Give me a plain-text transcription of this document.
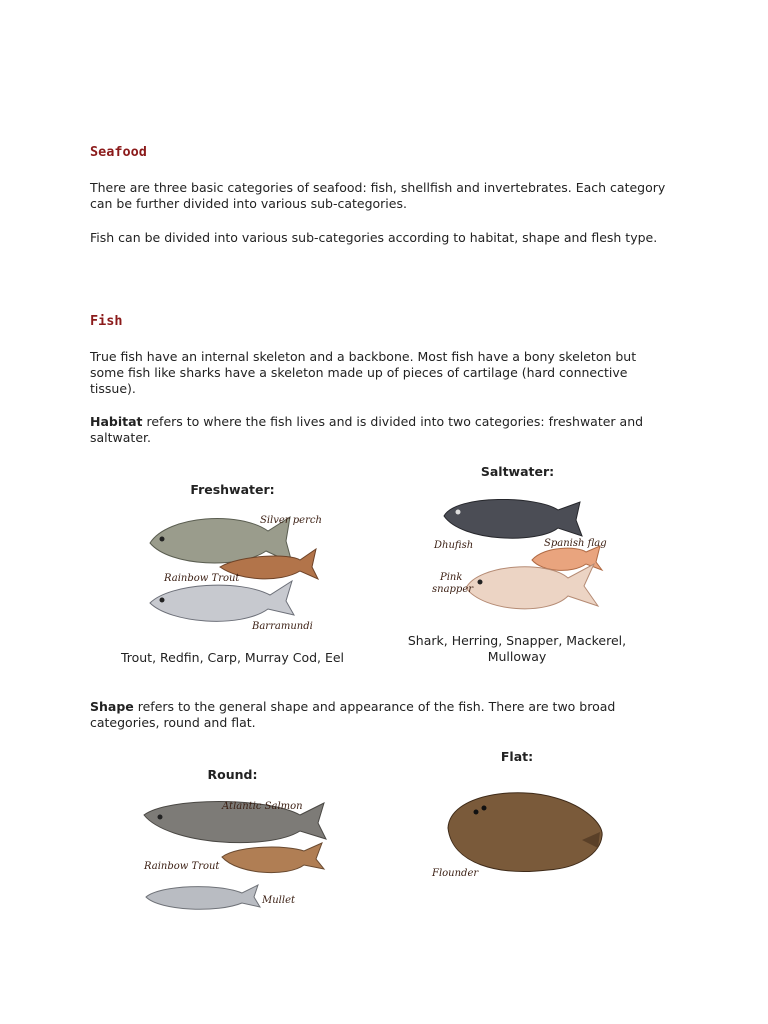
Seafood
There are three basic categories of seafood: fish, shellfish and invertebrates. Each category can be further divided into various sub-categories.
Fish can be divided into various sub-categories according to habitat, shape and flesh type.
Fish
True fish have an internal skeleton and a backbone. Most fish have a bony skeleton but some fish like sharks have a skeleton made up of pieces of cartilage (hard connective tissue).
Habitat refers to where the fish lives and is divided into two categories: freshwater and saltwater.
Freshwater:
Silver perch
Rainbow Trout
Barramundi
Trout, Redfin, Carp, Murray Cod, Eel
Saltwater:
Dhufish	Spanish flag
Pink
snapper
Shark, Herring, Snapper, Mackerel, Mulloway
Shape refers to the general shape and appearance of the fish. There are two broad categories, round and flat.
Round:
Atlantic Salmon
Rainbow Trout
Mullet
Flat:
Flounder
